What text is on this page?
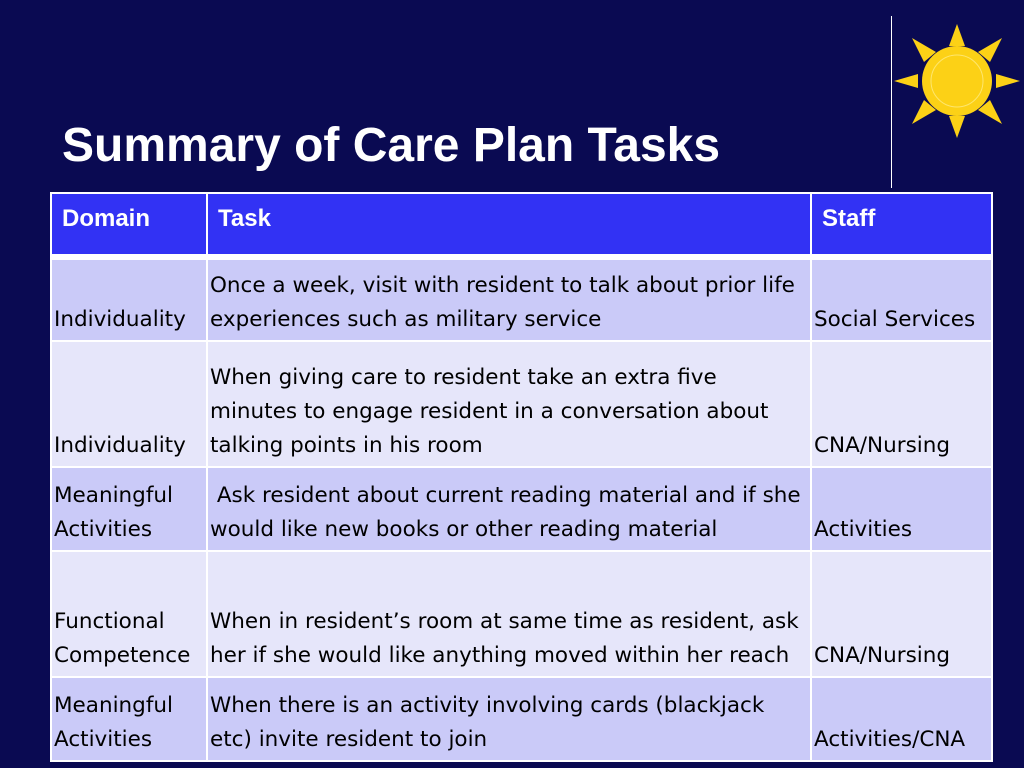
Summary of Care Plan Tasks
Domain	Task	Staff
Individuality	Once a week, visit with resident to talk about prior life experiences such as military service	Social Services
Individuality	When giving care to resident take an extra five minutes to engage resident in a conversation about talking points in his room	CNA/Nursing
Meaningful Activities	Ask resident about current reading material and if she would like new books or other reading material	Activities
Functional Competence	When in resident’s room at same time as resident, ask her if she would like anything moved within her reach	CNA/Nursing
Meaningful Activities	When there is an activity involving cards (blackjack etc) invite resident to join	Activities/CNA
